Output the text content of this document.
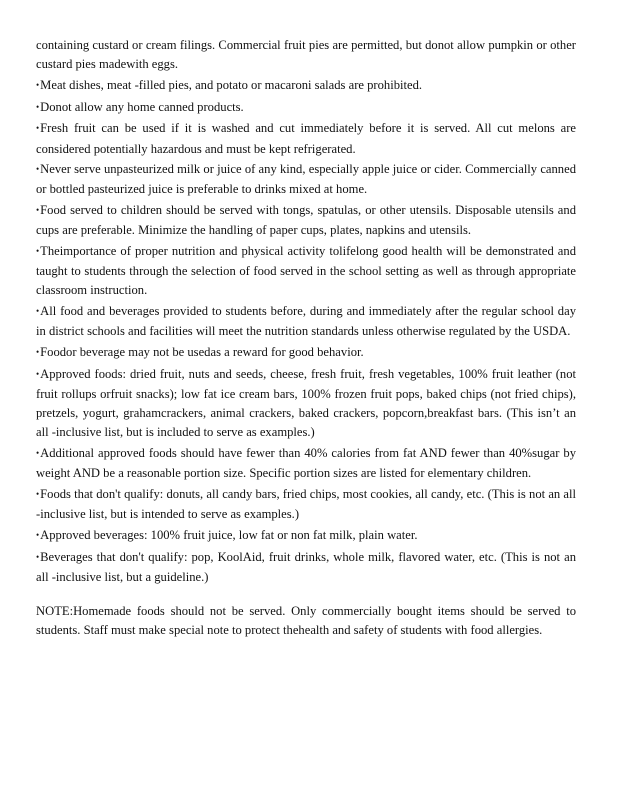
containing custard or cream filings. Commercial fruit pies are permitted, but donot allow pumpkin or other custard pies madewith eggs.

• Meat dishes, meat -filled pies, and potato or macaroni salads are prohibited.

• Donot allow any home canned products.

• Fresh fruit can be used if it is washed and cut immediately before it is served. All cut melons are considered potentially hazardous and must be kept refrigerated.

• Never serve unpasteurized milk or juice of any kind, especially apple juice or cider. Commercially canned or bottled pasteurized juice is preferable to drinks mixed at home.

• Food served to children should be served with tongs, spatulas, or other utensils. Disposable utensils and cups are preferable. Minimize the handling of paper cups, plates, napkins and utensils.

• Theimportance of proper nutrition and physical activity tolifelong good health will be demonstrated and taught to students through the selection of food served in the school setting as well as through appropriate classroom instruction.

• All food and beverages provided to students before, during and immediately after the regular school day in district schools and facilities will meet the nutrition standards unless otherwise regulated by the USDA.

• Foodor beverage may not be usedas a reward for good behavior.

• Approved foods: dried fruit, nuts and seeds, cheese, fresh fruit, fresh vegetables, 100% fruit leather (not fruit rollups orfruit snacks); low fat ice cream bars, 100% frozen fruit pops, baked chips (not fried chips), pretzels, yogurt, grahamcrackers, animal crackers, baked crackers, popcorn,breakfast bars. (This isn’t an all -inclusive list, but is included to serve as examples.)

• Additional approved foods should have fewer than 40% calories from fat AND fewer than 40%sugar by weight AND be a reasonable portion size. Specific portion sizes are listed for elementary children.

• Foods that don't qualify: donuts, all candy bars, fried chips, most cookies, all candy, etc. (This is not an all -inclusive list, but is intended to serve as examples.)

• Approved beverages: 100% fruit juice, low fat or non fat milk, plain water.

• Beverages that don't qualify: pop, KoolAid, fruit drinks, whole milk, flavored water, etc. (This is not an all -inclusive list, but a guideline.)

NOTE:Homemade foods should not be served. Only commercially bought items should be served to students. Staff must make special note to protect thehealth and safety of students with food allergies.
